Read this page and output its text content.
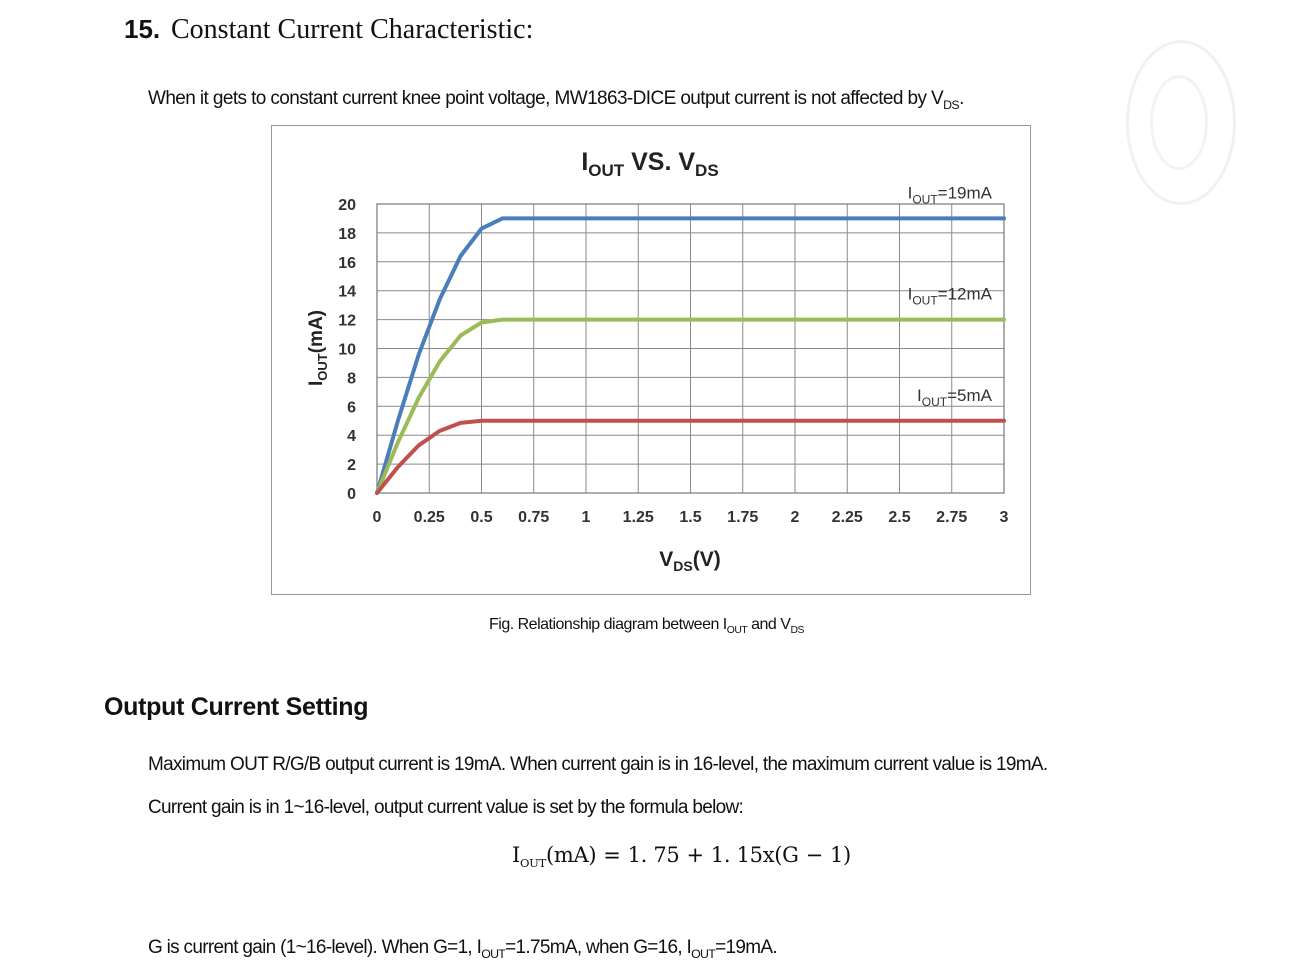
15. Constant Current Characteristic:
When it gets to constant current knee point voltage, MW1863-DICE output current is not affected by $V_{DS}$.
$I_{OUT}$ VS. $V_{DS}$
0 0.25 0.5 0.75 1 1.25 1.5 1.75 2 2.25 2.5 2.75 3
0
2
4
6
8
10
12
14
16
18
20
$I_{OUT}=19mA$
$I_{OUT}=12mA$
$I_{OUT}=5mA$
$V_{DS}(V)$
$I_{OUT}(mA)$
Fig. Relationship diagram between $I_{OUT}$ and $V_{DS}$
Output Current Setting
Maximum OUT R/G/B output current is 19mA. When current gain is in 16-level, the maximum current value is 19mA.
Current gain is in 1~16-level, output current value is set by the formula below:
$I_{OUT}(mA) = 1$. 75 + 1. 15x(G − 1)
G is current gain (1~16-level). When G=1, $I_{OUT}=1.75mA$, when G=16, $I_{OUT}=19mA$.
